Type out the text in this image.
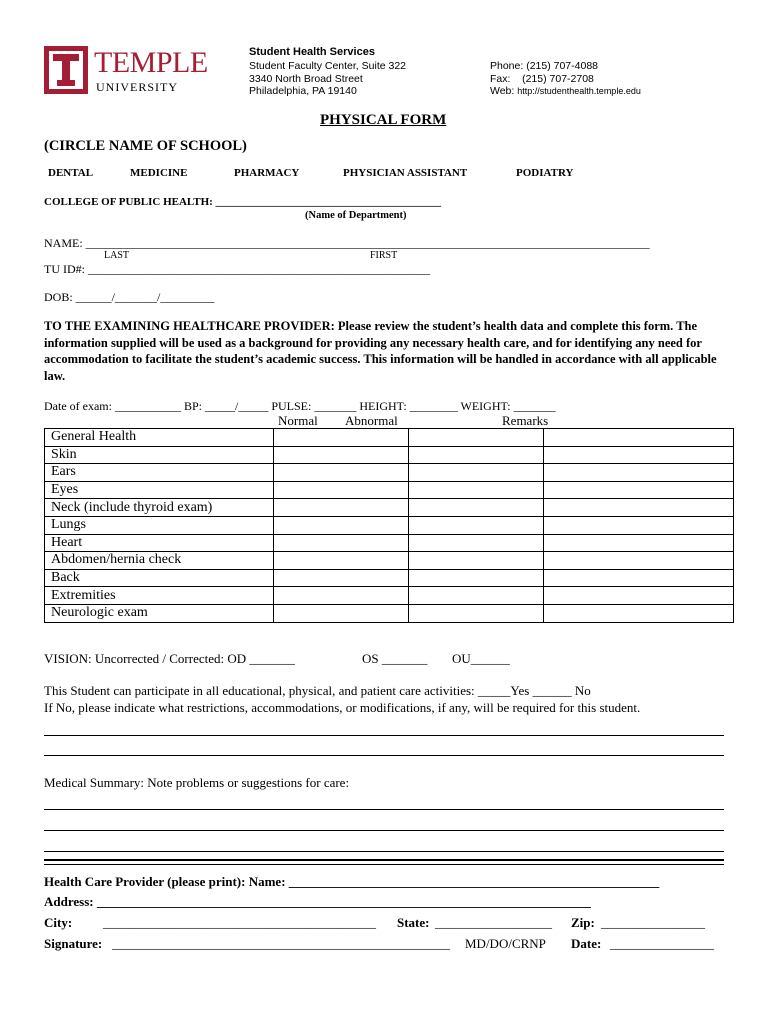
TEMPLE
UNIVERSITY
Student Health Services
Student Faculty Center, Suite 322
3340 North Broad Street
Philadelphia, PA 19140
Phone: (215) 707-4088
Fax:    (215) 707-2708
Web: http://studenthealth.temple.edu
PHYSICAL FORM
(CIRCLE NAME OF SCHOOL)
DENTAL	MEDICINE	PHARMACY	PHYSICIAN ASSISTANT	PODIATRY
COLLEGE OF PUBLIC HEALTH: _________________________________________
(Name of Department)
NAME: ______________________________________________________________________________________________
LAST	FIRST
TU ID#: _________________________________________________________
DOB: ______/_______/_________
TO THE EXAMINING HEALTHCARE PROVIDER: Please review the student’s health data and complete this form. The information supplied will be used as a background for providing any necessary health care, and for identifying any need for accommodation to facilitate the student’s academic success. This information will be handled in accordance with all applicable law.
Date of exam: ___________ BP: _____/_____ PULSE: _______ HEIGHT: ________ WEIGHT: _______
Normal Abnormal	Remarks
General Health			
Skin			
Ears			
Eyes			
Neck (include thyroid exam)			
Lungs			
Heart			
Abdomen/hernia check			
Back			
Extremities			
Neurologic exam			
VISION: Uncorrected / Corrected: OD _______	OS _______ OU______
This Student can participate in all educational, physical, and patient care activities: _____Yes ______ No
If No, please indicate what restrictions, accommodations, or modifications, if any, will be required for this student.
Medical Summary: Note problems or suggestions for care:
Health Care Provider (please print): Name: _________________________________________________________
Address: ____________________________________________________________________________
City: __________________________________________ State: __________________ Zip: ________________
Signature: ____________________________________________________ MD/DO/CRNP Date: ________________
